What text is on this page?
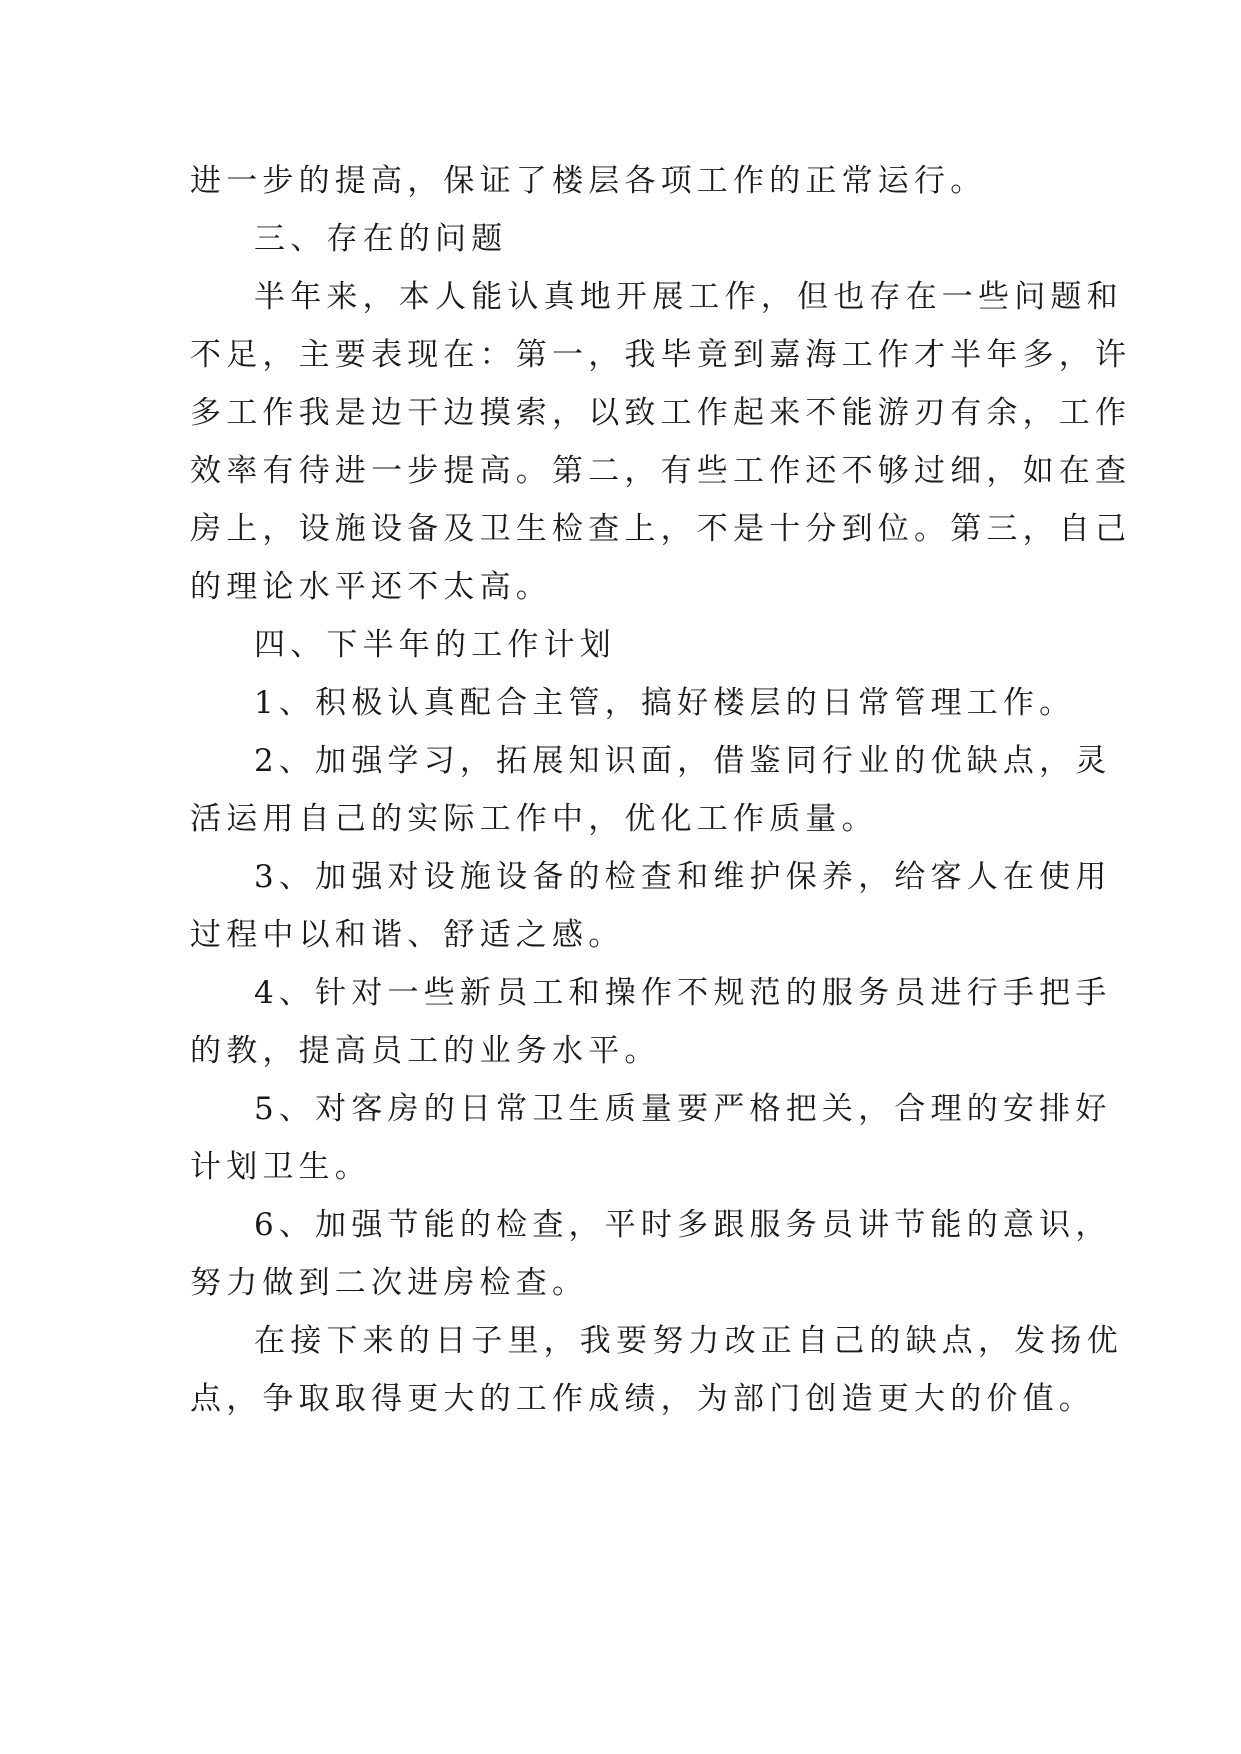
进一步的提高，保证了楼层各项工作的正常运行。
三、存在的问题
半年来，本人能认真地开展工作，但也存在一些问题和
不足，主要表现在：第一，我毕竟到嘉海工作才半年多，许
多工作我是边干边摸索，以致工作起来不能游刃有余，工作
效率有待进一步提高。第二，有些工作还不够过细，如在查
房上，设施设备及卫生检查上，不是十分到位。第三，自己
的理论水平还不太高。
四、下半年的工作计划
1、积极认真配合主管，搞好楼层的日常管理工作。
2、加强学习，拓展知识面，借鉴同行业的优缺点，灵
活运用自己的实际工作中，优化工作质量。
3、加强对设施设备的检查和维护保养，给客人在使用
过程中以和谐、舒适之感。
4、针对一些新员工和操作不规范的服务员进行手把手
的教，提高员工的业务水平。
5、对客房的日常卫生质量要严格把关，合理的安排好
计划卫生。
6、加强节能的检查，平时多跟服务员讲节能的意识，
努力做到二次进房检查。
在接下来的日子里，我要努力改正自己的缺点，发扬优
点，争取取得更大的工作成绩，为部门创造更大的价值。
